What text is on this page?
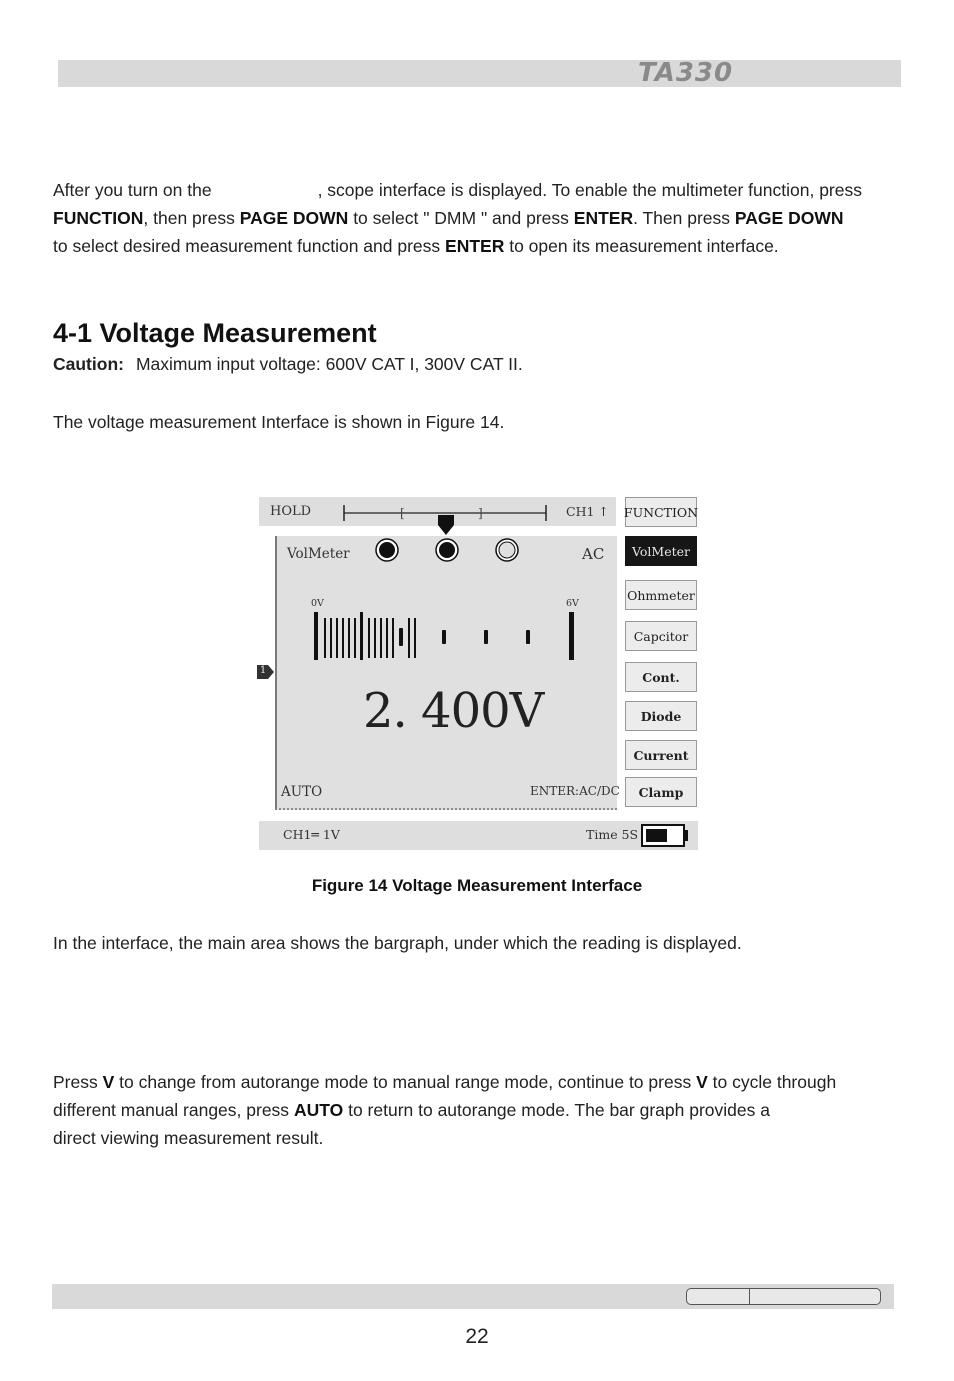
TA330
After you turn on the	, scope interface is displayed. To enable the multimeter function, press
FUNCTION, then press PAGE DOWN to select " DMM " and press ENTER. Then press PAGE DOWN
to select desired measurement function and press ENTER to open its measurement interface.
4-1 Voltage Measurement
Caution: Maximum input voltage: 600V CAT I, 300V CAT II.
The voltage measurement Interface is shown in Figure 14.
HOLD	[	]	CH1 ↑
VolMeter	AC
0V	6V
1
2. 400V
AUTO	ENTER:AC/DC
FUNCTION
VolMeter
Ohmmeter
Capcitor
Cont.
Diode
Current
Clamp
CH1═ 1V	Time 5S
Figure 14 Voltage Measurement Interface
In the interface, the main area shows the bargraph, under which the reading is displayed.
Press V to change from autorange mode to manual range mode, continue to press V to cycle through
different manual ranges, press AUTO to return to autorange mode. The bar graph provides a
direct viewing measurement result.
22
